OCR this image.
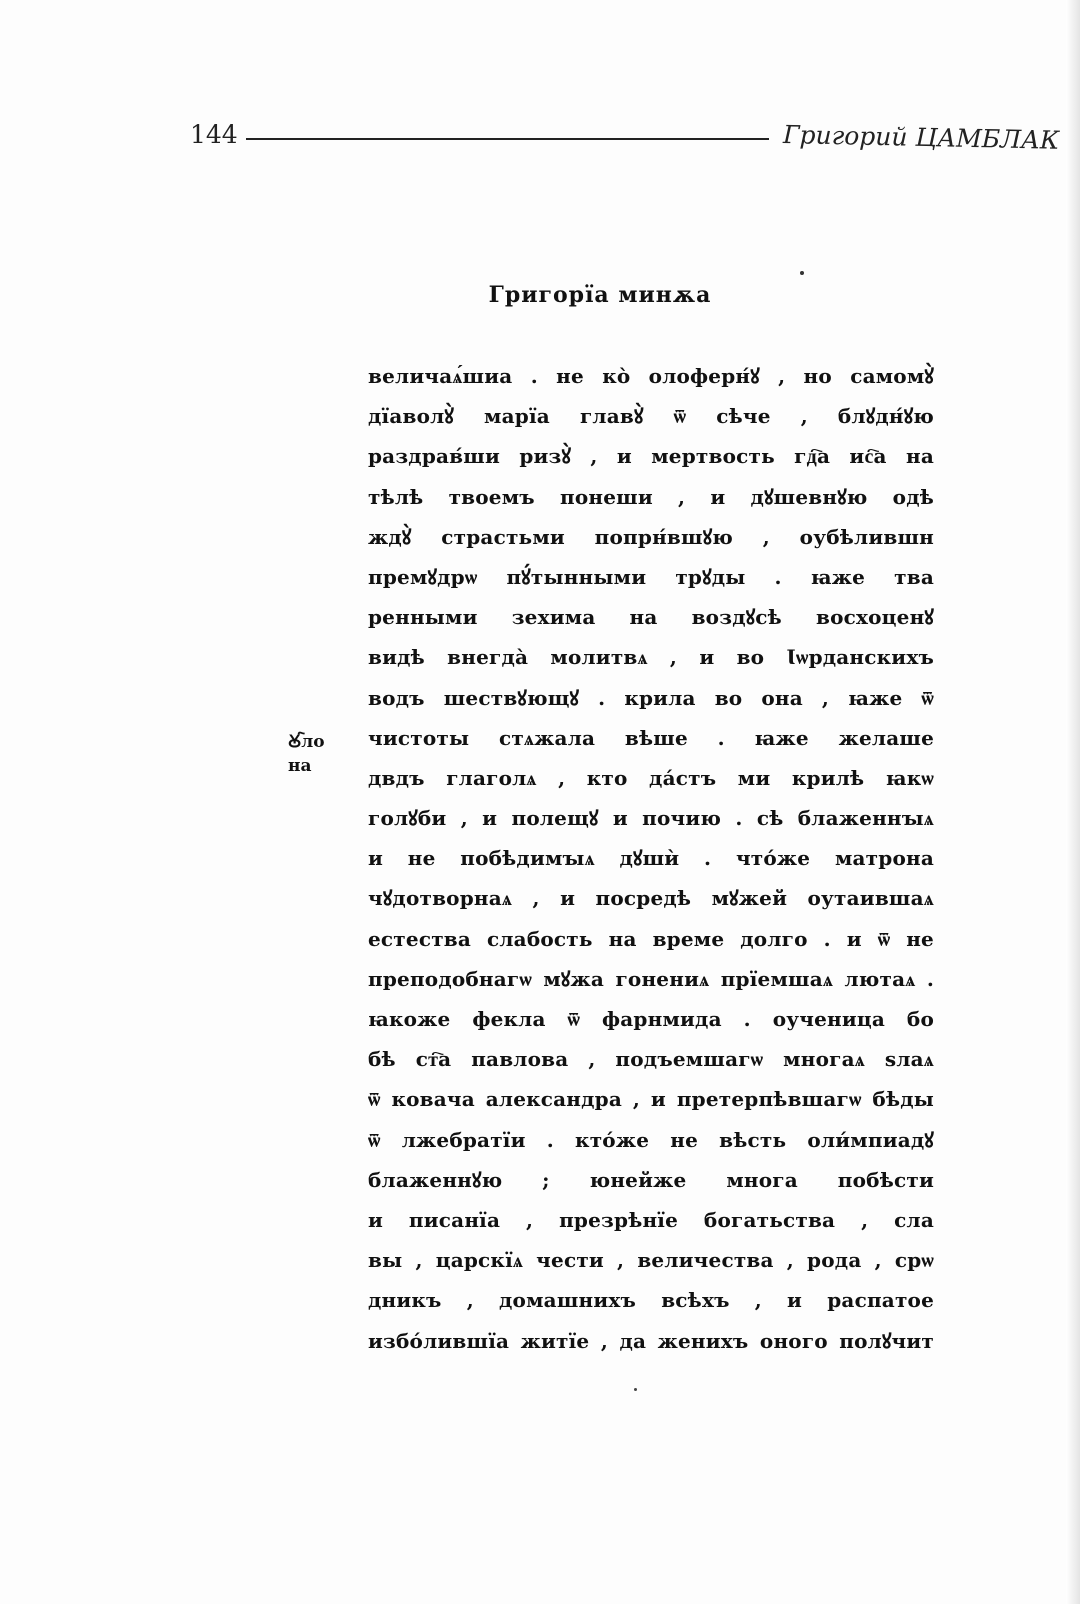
144	Григорий ЦАМБЛАК
Григорїа минѫа
Ꙋ҇ло
на
величаѧ́шиа . не ко̀ олоферн́ꙋ , но самомꙋ̀
дїаволꙋ̀ марїа главꙋ̀ ѿ сѣче , блꙋдн́ꙋю
раздрав́ши ризꙋ̀ , и мертвость гд҇а ис҇а на
тѣлѣ твоемъ понеши , и дꙋшевнꙋю одѣ
ждꙋ̀ страстьми попрн́вшꙋю , оубѣлившн
премꙋдрѡ пꙋ́тынными трꙋды . ꙗже тва
ренными зехима на воздꙋсѣ восхоценꙋ
видѣ внегда̀ молитвѧ , и во Ꙇѡрданскихъ
водъ шествꙋющꙋ . крила во она , ꙗже ѿ
чистоты стѧжала вѣше . ꙗже желаше
двдъ глаголѧ , кто да́стъ ми крилѣ ꙗкѡ
голꙋби , и полещꙋ и почию . сѣ блаженнꙑѧ
и не побѣдимꙑѧ дꙋшѝ . что́же матрона
чꙋдотворнаѧ , и посредѣ мꙋжей оутаившаѧ
естества слабость на време долго . и ѿ не
преподобнагѡ мꙋжа гонениѧ прїемшаѧ лютаѧ .
ꙗкоже фекла ѿ фарнмида . оученица бо
бѣ ст҇а павлова , подъемшагѡ многаѧ ѕлаѧ
ѿ ковача александра , и претерпѣвшагѡ бѣды
ѿ лжебратїи . кто́же не вѣсть оли́мпиадꙋ
блаженнꙋю ; юнейже многа побѣсти
и писанїа , презрѣнїе богатьства , сла
вы , царскїѧ чести , величества , рода , срѡ
дникъ , домашнихъ всѣхъ , и распатое
избо́лившїа житїе , да женихъ оного полꙋчит
